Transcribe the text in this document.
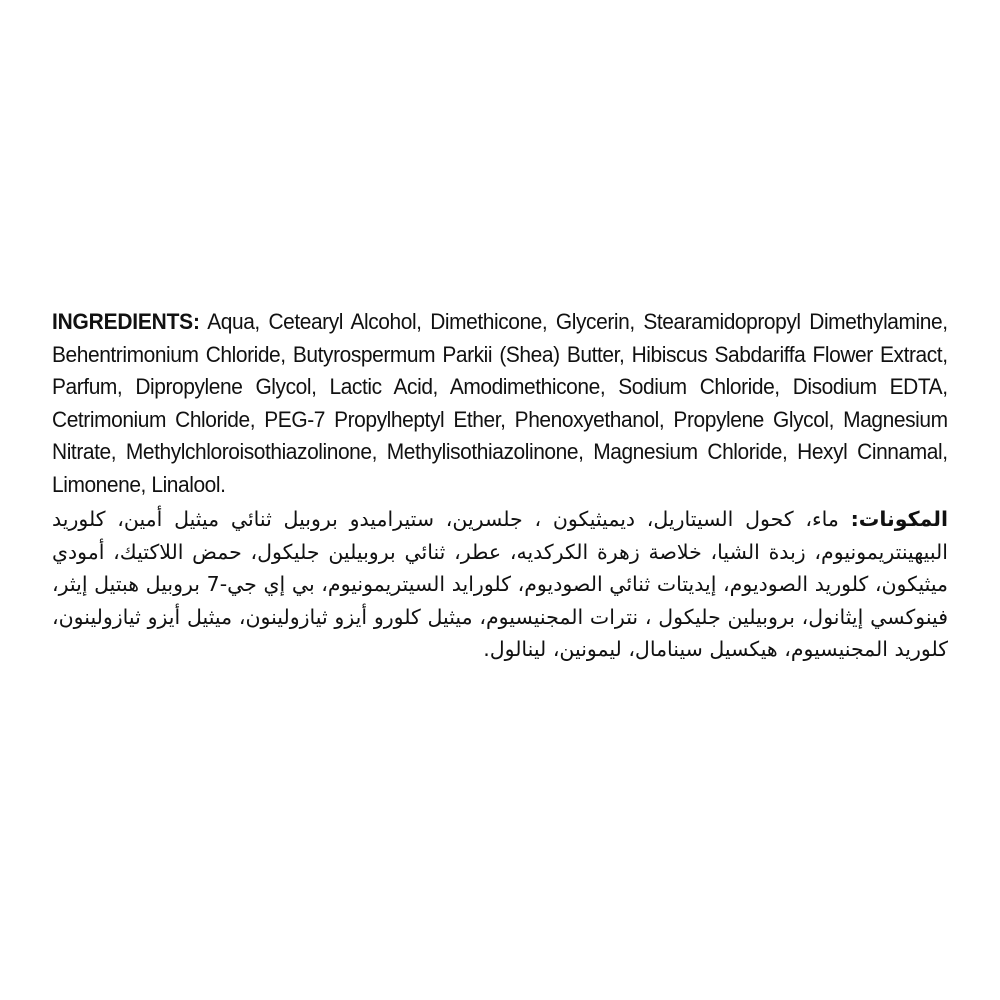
INGREDIENTS: Aqua, Cetearyl Alcohol, Dimethicone, Glycerin, Stearamidopropyl Dimethylamine, Behentrimonium Chloride, Butyrospermum Parkii (Shea) Butter, Hibiscus Sabdariffa Flower Extract, Parfum, Dipropylene Glycol, Lactic Acid, Amodimethicone, Sodium Chloride, Disodium EDTA, Cetrimonium Chloride, PEG-7 Propylheptyl Ether, Phenoxyethanol, Propylene Glycol, Magnesium Nitrate, Methylchloroisothiazolinone, Methylisothiazolinone, Magnesium Chloride, Hexyl Cinnamal, Limonene, Linalool.

المكونات: ماء، كحول السيتاريل، ديميثيكون ، جلسرين، ستيراميدو بروبيل ثنائي ميثيل أمين، كلوريد البيهينتريمونيوم، زبدة الشيا، خلاصة زهرة الكركديه، عطر، ثنائي بروبيلين جليكول، حمض اللاكتيك، أمودي ميثيكون، كلوريد الصوديوم، إيديتات ثنائي الصوديوم، كلورايد السيتريمونيوم، بي إي جي-7 بروبيل هبتيل إيثر، فينوكسي إيثانول، بروبيلين جليكول ، نترات المجنيسيوم، ميثيل كلورو أيزو ثيازولينون، ميثيل أيزو ثيازولينون، كلوريد المجنيسيوم، هيكسيل سينامال، ليمونين، لينالول.
